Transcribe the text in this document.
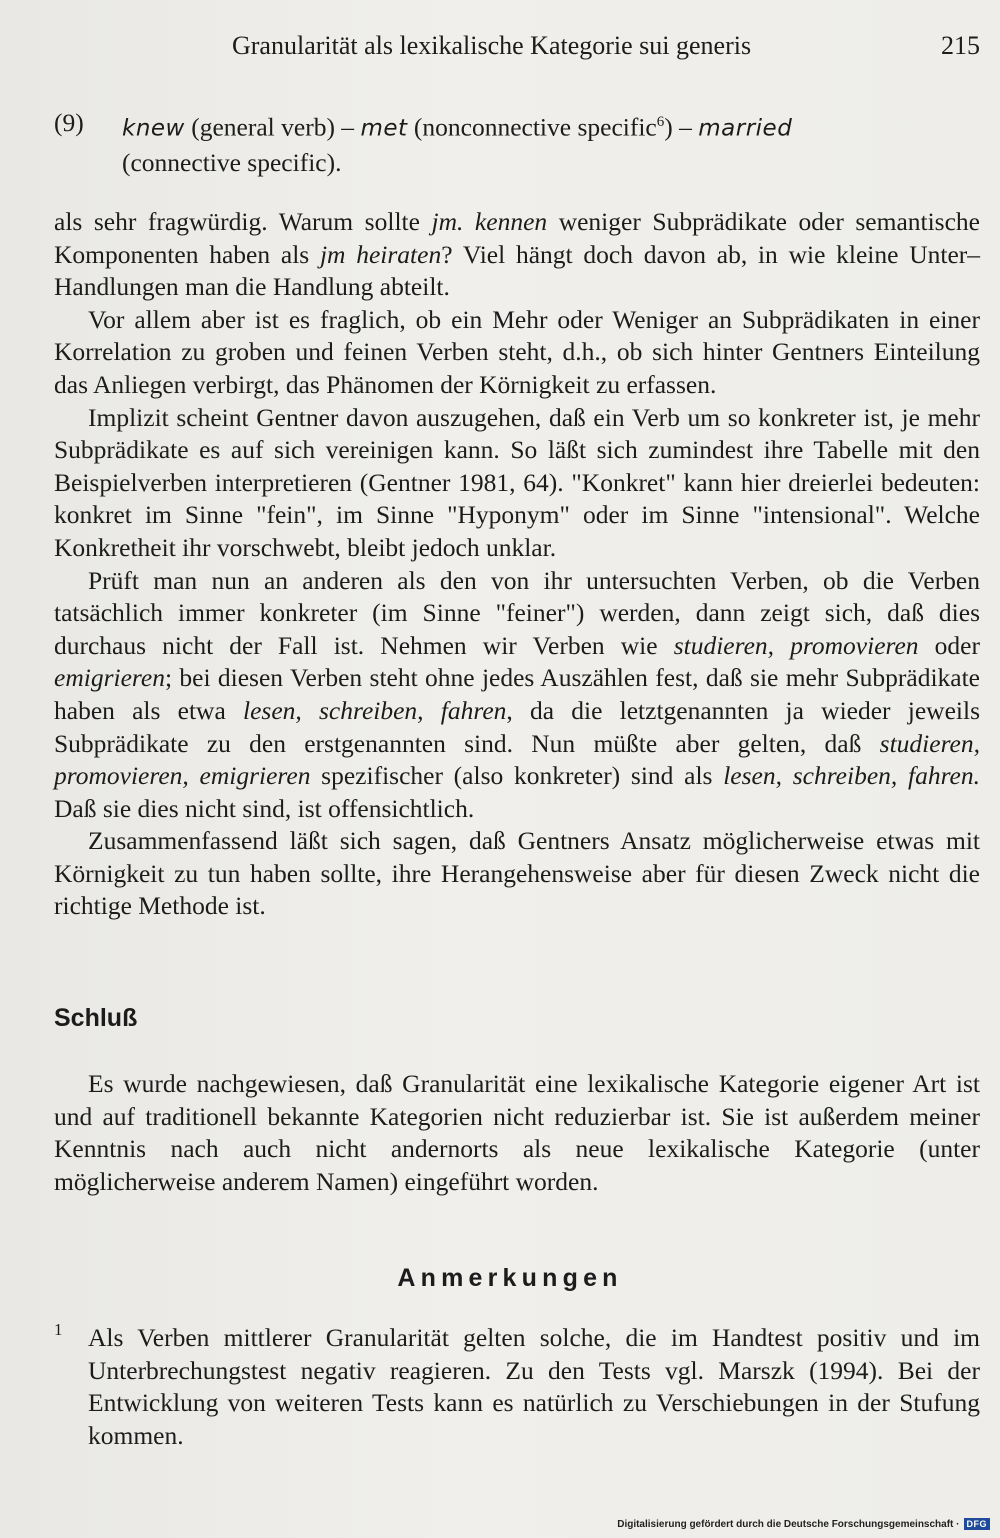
Granularität als lexikalische Kategorie sui generis	215
(9) knew (general verb) – met (nonconnective specific$^6$) – married
(connective specific).

als sehr fragwürdig. Warum sollte jm. kennen weniger Subprädikate oder semantische Komponenten haben als jm heiraten? Viel hängt doch davon ab, in wie kleine Unter–Handlungen man die Handlung abteilt.

Vor allem aber ist es fraglich, ob ein Mehr oder Weniger an Subprädikaten in einer Korrelation zu groben und feinen Verben steht, d.h., ob sich hinter Gentners Einteilung das Anliegen verbirgt, das Phänomen der Körnigkeit zu erfassen.

Implizit scheint Gentner davon auszugehen, daß ein Verb um so konkreter ist, je mehr Subprädikate es auf sich vereinigen kann. So läßt sich zumindest ihre Tabelle mit den Beispielverben interpretieren (Gentner 1981, 64). "Konkret" kann hier dreierlei bedeuten: konkret im Sinne "fein", im Sinne "Hyponym" oder im Sinne "intensional". Welche Konkretheit ihr vorschwebt, bleibt jedoch unklar.

Prüft man nun an anderen als den von ihr untersuchten Verben, ob die Verben tatsächlich immer konkreter (im Sinne "feiner") werden, dann zeigt sich, daß dies durchaus nicht der Fall ist. Nehmen wir Verben wie studieren, promovieren oder emigrieren; bei diesen Verben steht ohne jedes Auszählen fest, daß sie mehr Subprädikate haben als etwa lesen, schreiben, fahren, da die letztgenannten ja wieder jeweils Subprädikate zu den erstgenannten sind. Nun müßte aber gelten, daß studieren, promovieren, emigrieren spezifischer (also konkreter) sind als lesen, schreiben, fahren. Daß sie dies nicht sind, ist offensichtlich.

Zusammenfassend läßt sich sagen, daß Gentners Ansatz möglicherweise etwas mit Körnigkeit zu tun haben sollte, ihre Herangehensweise aber für diesen Zweck nicht die richtige Methode ist.

Schluß

Es wurde nachgewiesen, daß Granularität eine lexikalische Kategorie eigener Art ist und auf traditionell bekannte Kategorien nicht reduzierbar ist. Sie ist außerdem meiner Kenntnis nach auch nicht andernorts als neue lexikalische Kategorie (unter möglicherweise anderem Namen) eingeführt worden.

Anmerkungen
1 Als Verben mittlerer Granularität gelten solche, die im Handtest positiv und im Unterbrechungstest negativ reagieren. Zu den Tests vgl. Marszk (1994). Bei der Entwicklung von weiteren Tests kann es natürlich zu Verschiebungen in der Stufung kommen.

Digitalisierung gefördert durch die Deutsche Forschungsgemeinschaft · DFG
